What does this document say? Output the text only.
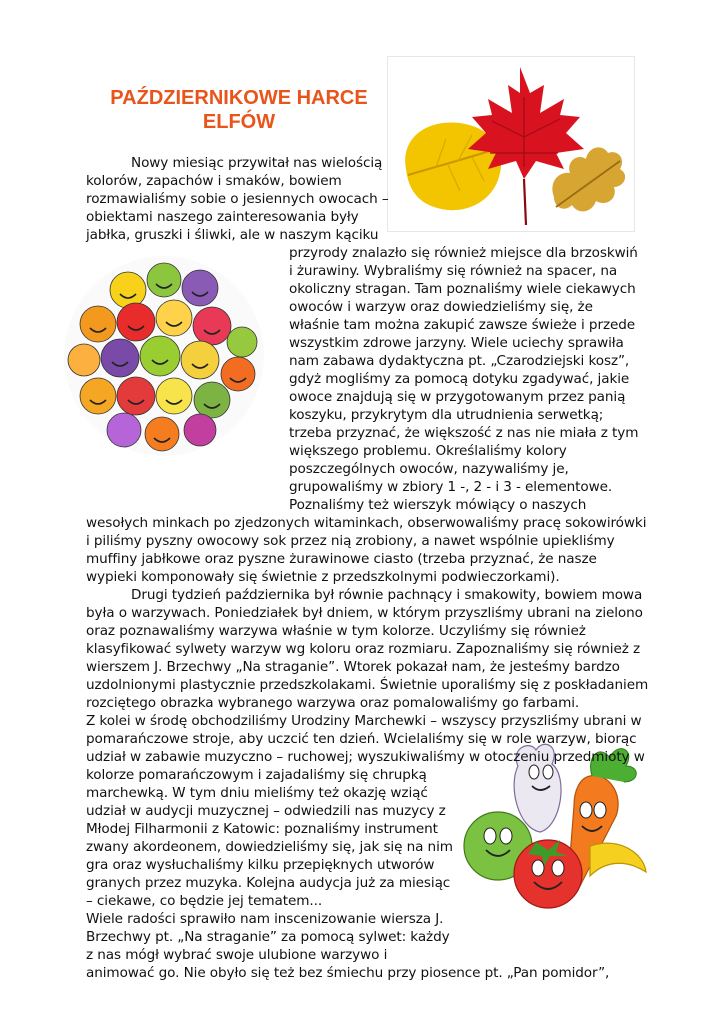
PAŹDZIERNIKOWE HARCE
ELFÓW
Nowy miesiąc przywitał nas wielością
kolorów, zapachów i smaków, bowiem
rozmawialiśmy sobie o jesiennych owocach –
obiektami naszego zainteresowania były
jabłka, gruszki i śliwki, ale w naszym kąciku
przyrody znalazło się również miejsce dla brzoskwiń
i żurawiny. Wybraliśmy się również na spacer, na
okoliczny stragan. Tam poznaliśmy wiele ciekawych
owoców i warzyw oraz dowiedzieliśmy się, że
właśnie tam można zakupić zawsze świeże i przede
wszystkim zdrowe jarzyny. Wiele uciechy sprawiła
nam zabawa dydaktyczna pt. „Czarodziejski kosz”,
gdyż mogliśmy za pomocą dotyku zgadywać, jakie
owoce znajdują się w przygotowanym przez panią
koszyku, przykrytym dla utrudnienia serwetką;
trzeba przyznać, że większość z nas nie miała z tym
większego problemu. Określaliśmy kolory
poszczególnych owoców, nazywaliśmy je,
grupowaliśmy w zbiory 1 -, 2 - i 3 - elementowe.
Poznaliśmy też wierszyk mówiący o naszych
wesołych minkach po zjedzonych witaminkach, obserwowaliśmy pracę sokowirówki
i piliśmy pyszny owocowy sok przez nią zrobiony, a nawet wspólnie upiekliśmy
muffiny jabłkowe oraz pyszne żurawinowe ciasto (trzeba przyznać, że nasze
wypieki komponowały się świetnie z przedszkolnymi podwieczorkami).
Drugi tydzień października był równie pachnący i smakowity, bowiem mowa
była o warzywach. Poniedziałek był dniem, w którym przyszliśmy ubrani na zielono
oraz poznawaliśmy warzywa właśnie w tym kolorze. Uczyliśmy się również
klasyfikować sylwety warzyw wg koloru oraz rozmiaru. Zapoznaliśmy się również z
wierszem J. Brzechwy „Na straganie”. Wtorek pokazał nam, że jesteśmy bardzo
uzdolnionymi plastycznie przedszkolakami. Świetnie uporaliśmy się z poskładaniem
rozciętego obrazka wybranego warzywa oraz pomalowaliśmy go farbami.
Z kolei w środę obchodziliśmy Urodziny Marchewki – wszyscy przyszliśmy ubrani w
pomarańczowe stroje, aby uczcić ten dzień. Wcielaliśmy się w role warzyw, biorąc
udział w zabawie muzyczno – ruchowej; wyszukiwaliśmy w otoczeniu przedmioty w
kolorze pomarańczowym i zajadaliśmy się chrupką
marchewką. W tym dniu mieliśmy też okazję wziąć
udział w audycji muzycznej – odwiedzili nas muzycy z
Młodej Filharmonii z Katowic: poznaliśmy instrument
zwany akordeonem, dowiedzieliśmy się, jak się na nim
gra oraz wysłuchaliśmy kilku przepięknych utworów
granych przez muzyka. Kolejna audycja już za miesiąc
– ciekawe, co będzie jej tematem...
Wiele radości sprawiło nam inscenizowanie wiersza J.
Brzechwy pt. „Na straganie” za pomocą sylwet: każdy
z nas mógł wybrać swoje ulubione warzywo i
animować go. Nie obyło się też bez śmiechu przy piosence pt. „Pan pomidor”,
